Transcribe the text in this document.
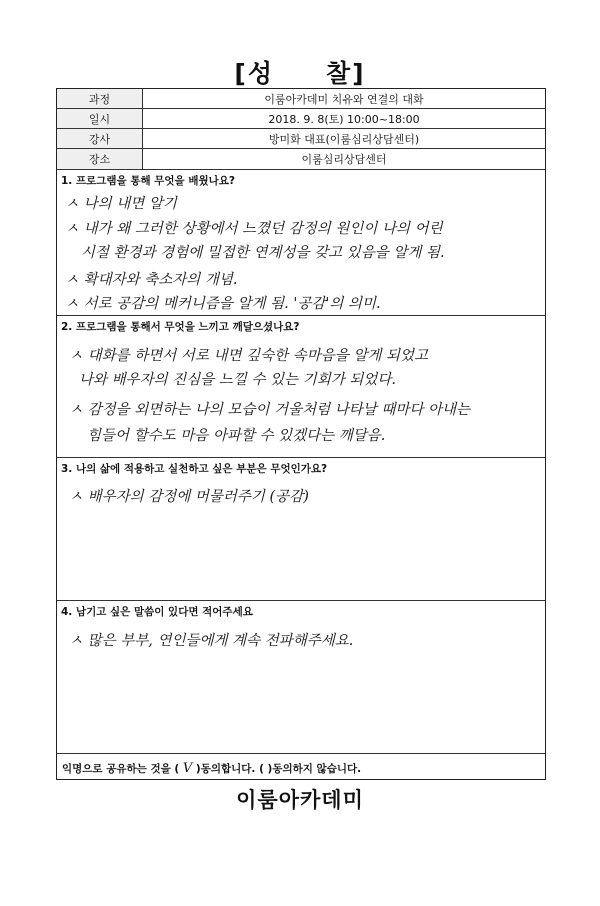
[성 찰]
과정	이룸아카데미 치유와 연결의 대화
일시	2018. 9. 8(토) 10:00~18:00
강사	방미화 대표(이룸심리상담센터)
장소	이룸심리상담센터
1. 프로그램을 통해 무엇을 배웠나요?
ㅅ 나의 내면 알기
ㅅ 내가 왜 그러한 상황에서 느꼈던 감정의 원인이 나의 어린
시절 환경과 경험에 밀접한 연계성을 갖고 있음을 알게 됨.
ㅅ 확대자와 축소자의 개념.
ㅅ 서로 공감의 메커니즘을 알게 됨. '공감'의 의미.
2. 프로그램을 통해서 무엇을 느끼고 깨달으셨나요?
ㅅ 대화를 하면서 서로 내면 깊숙한 속마음을 알게 되었고
나와 배우자의 진심을 느낄 수 있는 기회가 되었다.
ㅅ 감정을 외면하는 나의 모습이 거울처럼 나타날 때마다 아내는
힘들어 할수도 마음 아파할 수 있겠다는 깨달음.
3. 나의 삶에 적용하고 실천하고 싶은 부분은 무엇인가요?
ㅅ 배우자의 감정에 머물러주기 (공감)
4. 남기고 싶은 말씀이 있다면 적어주세요
ㅅ 많은 부부, 연인들에게 계속 전파해주세요.
익명으로 공유하는 것을 ( V )동의합니다. ( )동의하지 않습니다.
이룸아카데미
